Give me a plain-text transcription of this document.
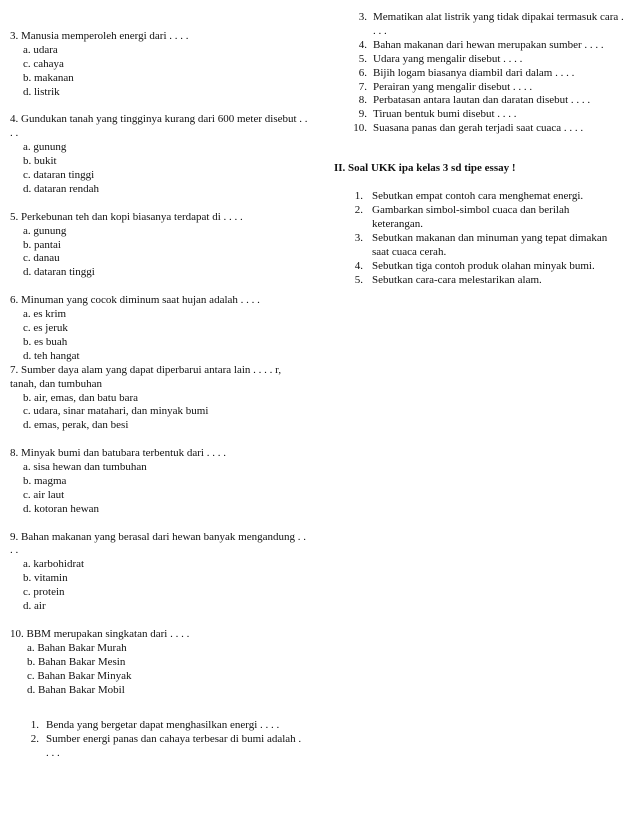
3. Manusia memperoleh energi dari . . . .
a. udara
c. cahaya
b. makanan
d. listrik
4. Gundukan tanah yang tingginya kurang dari 600 meter disebut . . . .
a. gunung
b. bukit
c. dataran tinggi
d. dataran rendah
5. Perkebunan teh dan kopi biasanya terdapat di . . . .
a. gunung
b. pantai
c. danau
d. dataran tinggi
6. Minuman yang cocok diminum saat hujan adalah . . . .
a. es krim
c. es jeruk
b. es buah
d. teh hangat
7. Sumber daya alam yang dapat diperbarui antara lain . . . . r, tanah, dan tumbuhan
b. air, emas, dan batu bara
c. udara, sinar matahari, dan minyak bumi
d. emas, perak, dan besi
8. Minyak bumi dan batubara terbentuk dari . . . .
a. sisa hewan dan tumbuhan
b. magma
c. air laut
d. kotoran hewan
9. Bahan makanan yang berasal dari hewan banyak mengandung . . . .
a. karbohidrat
b. vitamin
c. protein
d. air
10. BBM merupakan singkatan dari . . . .
a. Bahan Bakar Murah
b. Bahan Bakar Mesin
c. Bahan Bakar Minyak
d. Bahan Bakar Mobil
1. Benda yang bergetar dapat menghasilkan energi . . . .
2. Sumber energi panas dan cahaya terbesar di bumi adalah . . . .
3. Mematikan alat listrik yang tidak dipakai termasuk cara . . . .
4. Bahan makanan dari hewan merupakan sumber . . . .
5. Udara yang mengalir disebut . . . .
6. Bijih logam biasanya diambil dari dalam . . . .
7. Perairan yang mengalir disebut . . . .
8. Perbatasan antara lautan dan daratan disebut . . . .
9. Tiruan bentuk bumi disebut . . . .
10. Suasana panas dan gerah terjadi saat cuaca . . . .
II. Soal UKK ipa kelas 3 sd tipe essay !
1. Sebutkan empat contoh cara menghemat energi.
2. Gambarkan simbol-simbol cuaca dan berilah keterangan.
3. Sebutkan makanan dan minuman yang tepat dimakan saat cuaca cerah.
4. Sebutkan tiga contoh produk olahan minyak bumi.
5. Sebutkan cara-cara melestarikan alam.
